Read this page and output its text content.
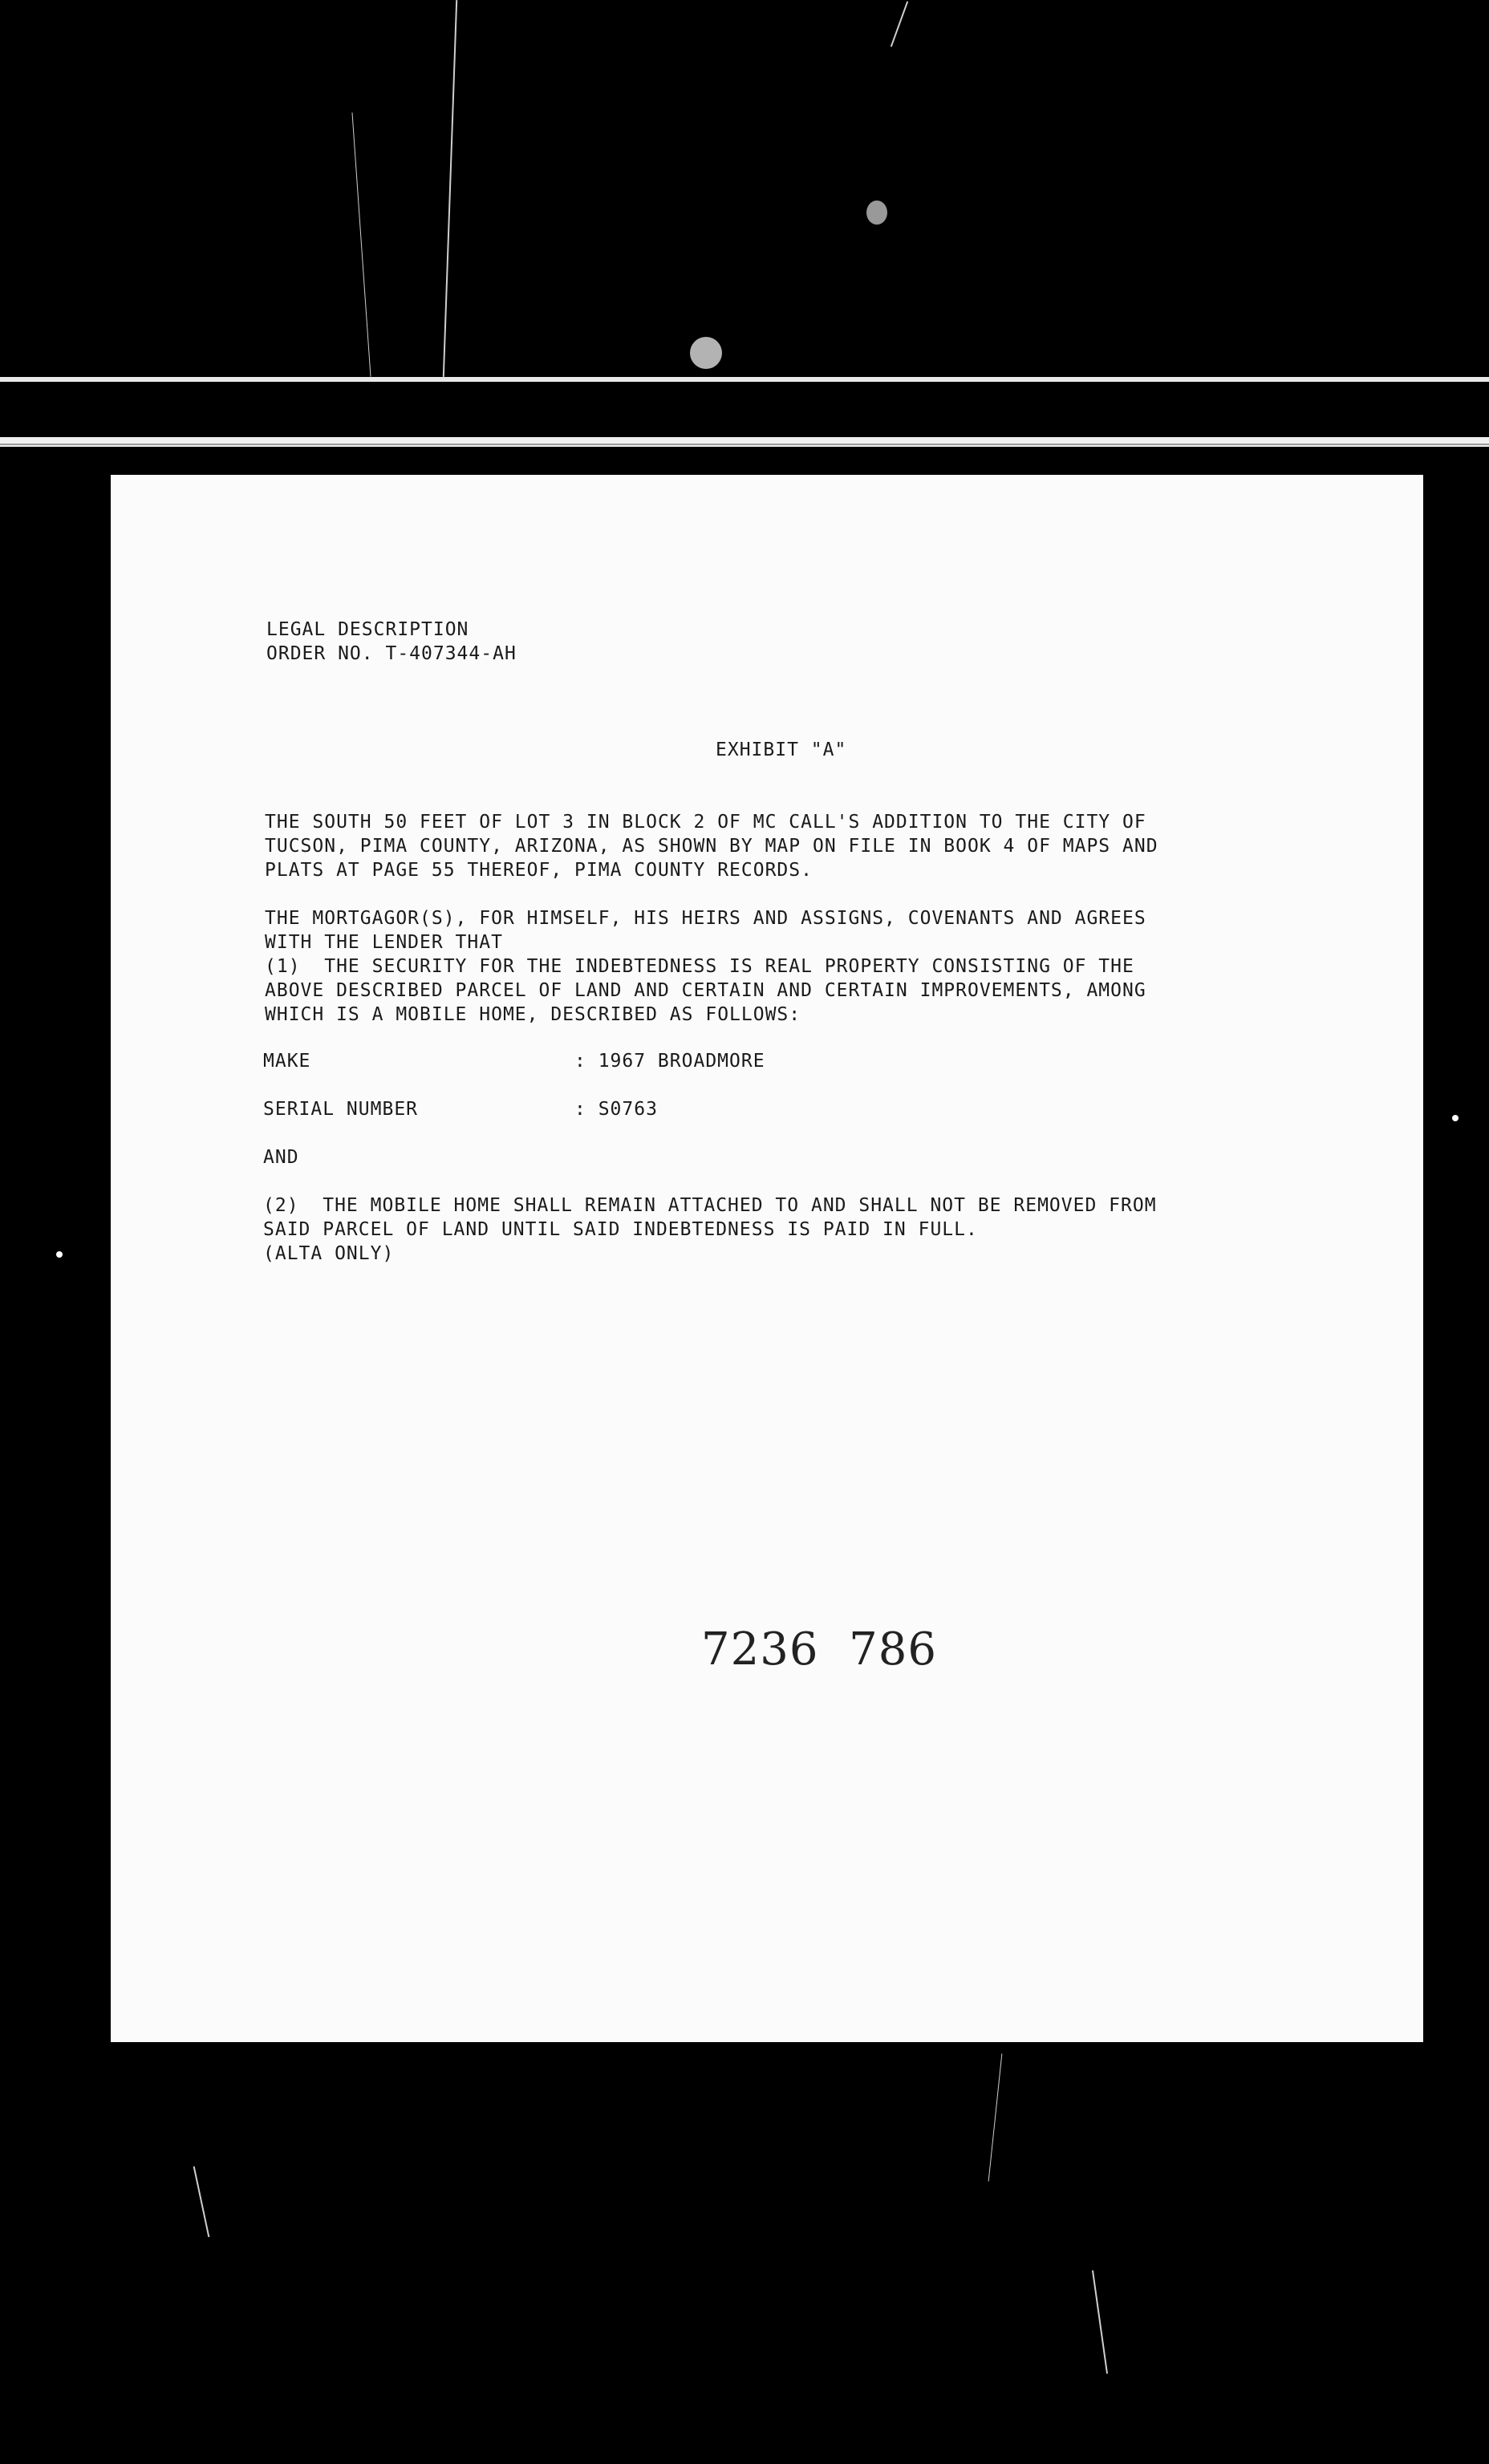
LEGAL DESCRIPTION
ORDER NO. T-407344-AH
EXHIBIT "A"
THE SOUTH 50 FEET OF LOT 3 IN BLOCK 2 OF MC CALL'S ADDITION TO THE CITY OF
TUCSON, PIMA COUNTY, ARIZONA, AS SHOWN BY MAP ON FILE IN BOOK 4 OF MAPS AND
PLATS AT PAGE 55 THEREOF, PIMA COUNTY RECORDS.
THE MORTGAGOR(S), FOR HIMSELF, HIS HEIRS AND ASSIGNS, COVENANTS AND AGREES
WITH THE LENDER THAT
(1)  THE SECURITY FOR THE INDEBTEDNESS IS REAL PROPERTY CONSISTING OF THE
ABOVE DESCRIBED PARCEL OF LAND AND CERTAIN AND CERTAIN IMPROVEMENTS, AMONG
WHICH IS A MOBILE HOME, DESCRIBED AS FOLLOWS:
MAKE	: 1967 BROADMORE
SERIAL NUMBER	: S0763
AND
(2)  THE MOBILE HOME SHALL REMAIN ATTACHED TO AND SHALL NOT BE REMOVED FROM
SAID PARCEL OF LAND UNTIL SAID INDEBTEDNESS IS PAID IN FULL.
(ALTA ONLY)
7236  786
